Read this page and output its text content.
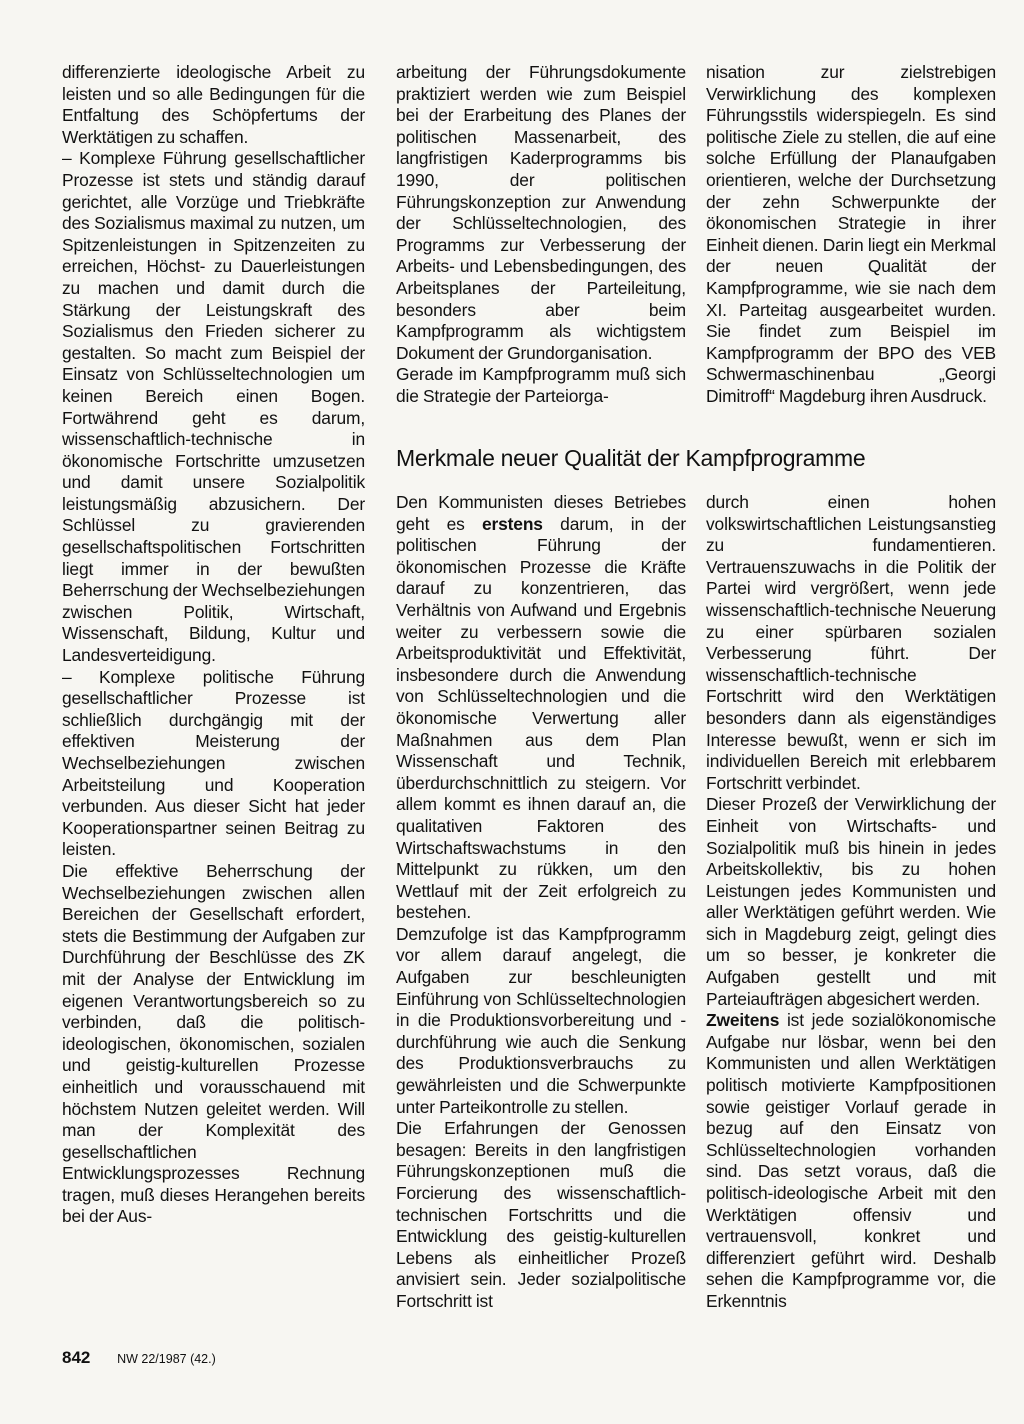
differenzierte ideologische Arbeit zu leisten und so alle Bedingungen für die Entfaltung des Schöpfertums der Werktätigen zu schaffen.

– Komplexe Führung gesellschaftlicher Prozesse ist stets und ständig darauf gerichtet, alle Vorzüge und Triebkräfte des Sozialismus maximal zu nutzen, um Spitzenleistungen in Spitzenzeiten zu erreichen, Höchst- zu Dauerleistungen zu machen und damit durch die Stärkung der Leistungskraft des Sozialismus den Frieden sicherer zu gestalten. So macht zum Beispiel der Einsatz von Schlüsseltechnologien um keinen Bereich einen Bogen. Fortwährend geht es darum, wissenschaftlich-technische in ökonomische Fortschritte umzusetzen und damit unsere Sozialpolitik leistungsmäßig abzusichern. Der Schlüssel zu gravierenden gesellschaftspolitischen Fortschritten liegt immer in der bewußten Beherrschung der Wechselbeziehungen zwischen Politik, Wirtschaft, Wissenschaft, Bildung, Kultur und Landesverteidigung.

– Komplexe politische Führung gesellschaftlicher Prozesse ist schließlich durchgängig mit der effektiven Meisterung der Wechselbeziehungen zwischen Arbeitsteilung und Kooperation verbunden. Aus dieser Sicht hat jeder Kooperationspartner seinen Beitrag zu leisten.

Die effektive Beherrschung der Wechselbeziehungen zwischen allen Bereichen der Gesellschaft erfordert, stets die Bestimmung der Aufgaben zur Durchführung der Beschlüsse des ZK mit der Analyse der Entwicklung im eigenen Verantwortungsbereich so zu verbinden, daß die politisch-ideologischen, ökonomischen, sozialen und geistig-kulturellen Prozesse einheitlich und vorausschauend mit höchstem Nutzen geleitet werden. Will man der Komplexität des gesellschaftlichen Entwicklungsprozesses Rechnung tragen, muß dieses Herangehen bereits bei der Aus-

arbeitung der Führungsdokumente praktiziert werden wie zum Beispiel bei der Erarbeitung des Planes der politischen Massenarbeit, des langfristigen Kaderprogramms bis 1990, der politischen Führungskonzeption zur Anwendung der Schlüsseltechnologien, des Programms zur Verbesserung der Arbeits- und Lebensbedingungen, des Arbeitsplanes der Parteileitung, besonders aber beim Kampfprogramm als wichtigstem Dokument der Grundorganisation.

Gerade im Kampfprogramm muß sich die Strategie der Parteiorga-

nisation zur zielstrebigen Verwirklichung des komplexen Führungsstils widerspiegeln. Es sind politische Ziele zu stellen, die auf eine solche Erfüllung der Planaufgaben orientieren, welche der Durchsetzung der zehn Schwerpunkte der ökonomischen Strategie in ihrer Einheit dienen. Darin liegt ein Merkmal der neuen Qualität der Kampfprogramme, wie sie nach dem XI. Parteitag ausgearbeitet wurden. Sie findet zum Beispiel im Kampfprogramm der BPO des VEB Schwermaschinenbau „Georgi Dimitroff“ Magdeburg ihren Ausdruck.

Merkmale neuer Qualität der Kampfprogramme

Den Kommunisten dieses Betriebes geht es erstens darum, in der politischen Führung der ökonomischen Prozesse die Kräfte darauf zu konzentrieren, das Verhältnis von Aufwand und Ergebnis weiter zu verbessern sowie die Arbeitsproduktivität und Effektivität, insbesondere durch die Anwendung von Schlüsseltechnologien und die ökonomische Verwertung aller Maßnahmen aus dem Plan Wissenschaft und Technik, überdurchschnittlich zu steigern. Vor allem kommt es ihnen darauf an, die qualitativen Faktoren des Wirtschaftswachstums in den Mittelpunkt zu rükken, um den Wettlauf mit der Zeit erfolgreich zu bestehen.

Demzufolge ist das Kampfprogramm vor allem darauf angelegt, die Aufgaben zur beschleunigten Einführung von Schlüsseltechnologien in die Produktionsvorbereitung und -durchführung wie auch die Senkung des Produktionsverbrauchs zu gewährleisten und die Schwerpunkte unter Parteikontrolle zu stellen.

Die Erfahrungen der Genossen besagen: Bereits in den langfristigen Führungskonzeptionen muß die Forcierung des wissenschaftlich-technischen Fortschritts und die Entwicklung des geistig-kulturellen Lebens als einheitlicher Prozeß anvisiert sein. Jeder sozialpolitische Fortschritt ist

durch einen hohen volkswirtschaftlichen Leistungsanstieg zu fundamentieren. Vertrauenszuwachs in die Politik der Partei wird vergrößert, wenn jede wissenschaftlich-technische Neuerung zu einer spürbaren sozialen Verbesserung führt. Der wissenschaftlich-technische Fortschritt wird den Werktätigen besonders dann als eigenständiges Interesse bewußt, wenn er sich im individuellen Bereich mit erlebbarem Fortschritt verbindet.

Dieser Prozeß der Verwirklichung der Einheit von Wirtschafts- und Sozialpolitik muß bis hinein in jedes Arbeitskollektiv, bis zu hohen Leistungen jedes Kommunisten und aller Werktätigen geführt werden. Wie sich in Magdeburg zeigt, gelingt dies um so besser, je konkreter die Aufgaben gestellt und mit Parteiaufträgen abgesichert werden.

Zweitens ist jede sozialökonomische Aufgabe nur lösbar, wenn bei den Kommunisten und allen Werktätigen politisch motivierte Kampfpositionen sowie geistiger Vorlauf gerade in bezug auf den Einsatz von Schlüsseltechnologien vorhanden sind. Das setzt voraus, daß die politisch-ideologische Arbeit mit den Werktätigen offensiv und vertrauensvoll, konkret und differenziert geführt wird. Deshalb sehen die Kampfprogramme vor, die Erkenntnis

842 NW 22/1987 (42.)
